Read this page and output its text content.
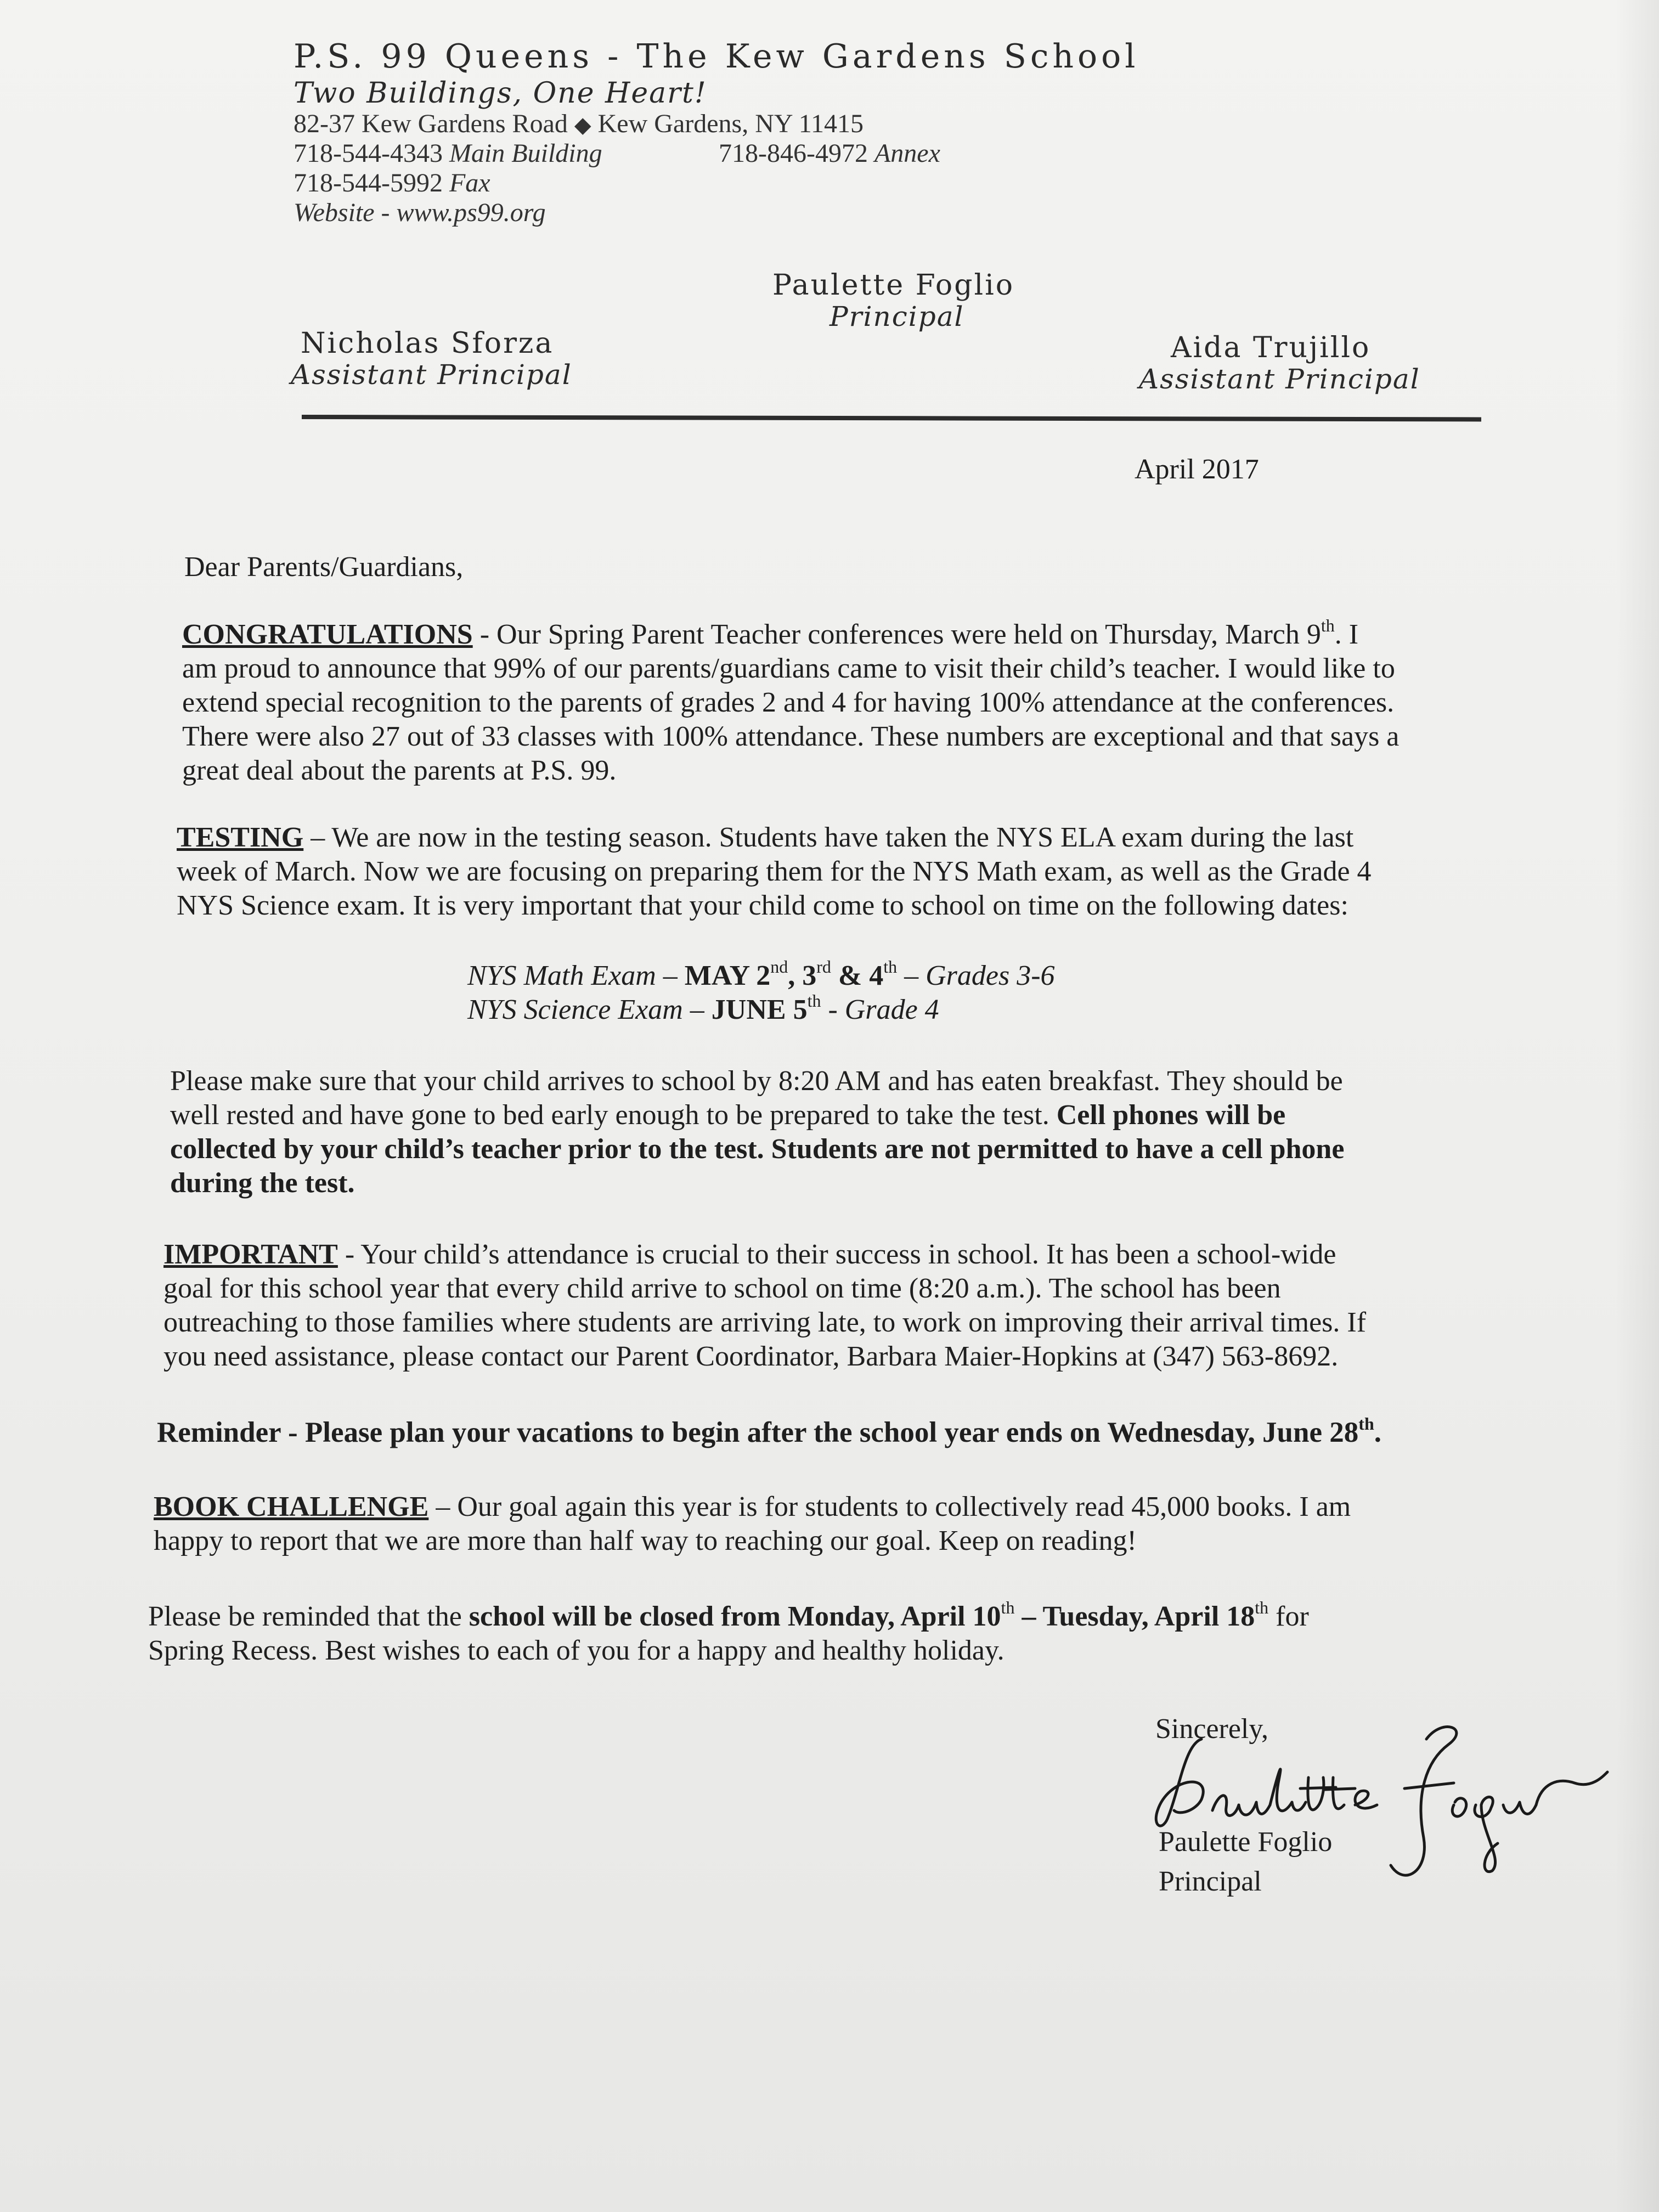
P.S. 99 Queens - The Kew Gardens School
Two Buildings, One Heart!
82-37 Kew Gardens Road ◆ Kew Gardens, NY 11415
718-544-4343 Main Building	718-846-4972 Annex
718-544-5992 Fax
Website - www.ps99.org
Paulette Foglio
Principal
Nicholas Sforza
Assistant Principal
Aida Trujillo
Assistant Principal
April 2017
Dear Parents/Guardians,
CONGRATULATIONS - Our Spring Parent Teacher conferences were held on Thursday, March 9th. I
am proud to announce that 99% of our parents/guardians came to visit their child’s teacher. I would like to
extend special recognition to the parents of grades 2 and 4 for having 100% attendance at the conferences.
There were also 27 out of 33 classes with 100% attendance. These numbers are exceptional and that says a
great deal about the parents at P.S. 99.
TESTING – We are now in the testing season. Students have taken the NYS ELA exam during the last
week of March. Now we are focusing on preparing them for the NYS Math exam, as well as the Grade 4
NYS Science exam. It is very important that your child come to school on time on the following dates:
NYS Math Exam – MAY 2nd, 3rd & 4th – Grades 3-6
NYS Science Exam – JUNE 5th - Grade 4
Please make sure that your child arrives to school by 8:20 AM and has eaten breakfast. They should be
well rested and have gone to bed early enough to be prepared to take the test. Cell phones will be
collected by your child’s teacher prior to the test. Students are not permitted to have a cell phone
during the test.
IMPORTANT - Your child’s attendance is crucial to their success in school. It has been a school-wide
goal for this school year that every child arrive to school on time (8:20 a.m.). The school has been
outreaching to those families where students are arriving late, to work on improving their arrival times. If
you need assistance, please contact our Parent Coordinator, Barbara Maier-Hopkins at (347) 563-8692.
Reminder - Please plan your vacations to begin after the school year ends on Wednesday, June 28th.
BOOK CHALLENGE – Our goal again this year is for students to collectively read 45,000 books. I am
happy to report that we are more than half way to reaching our goal. Keep on reading!
Please be reminded that the school will be closed from Monday, April 10th – Tuesday, April 18th for
Spring Recess. Best wishes to each of you for a happy and healthy holiday.
Sincerely,
Paulette Foglio
Principal
